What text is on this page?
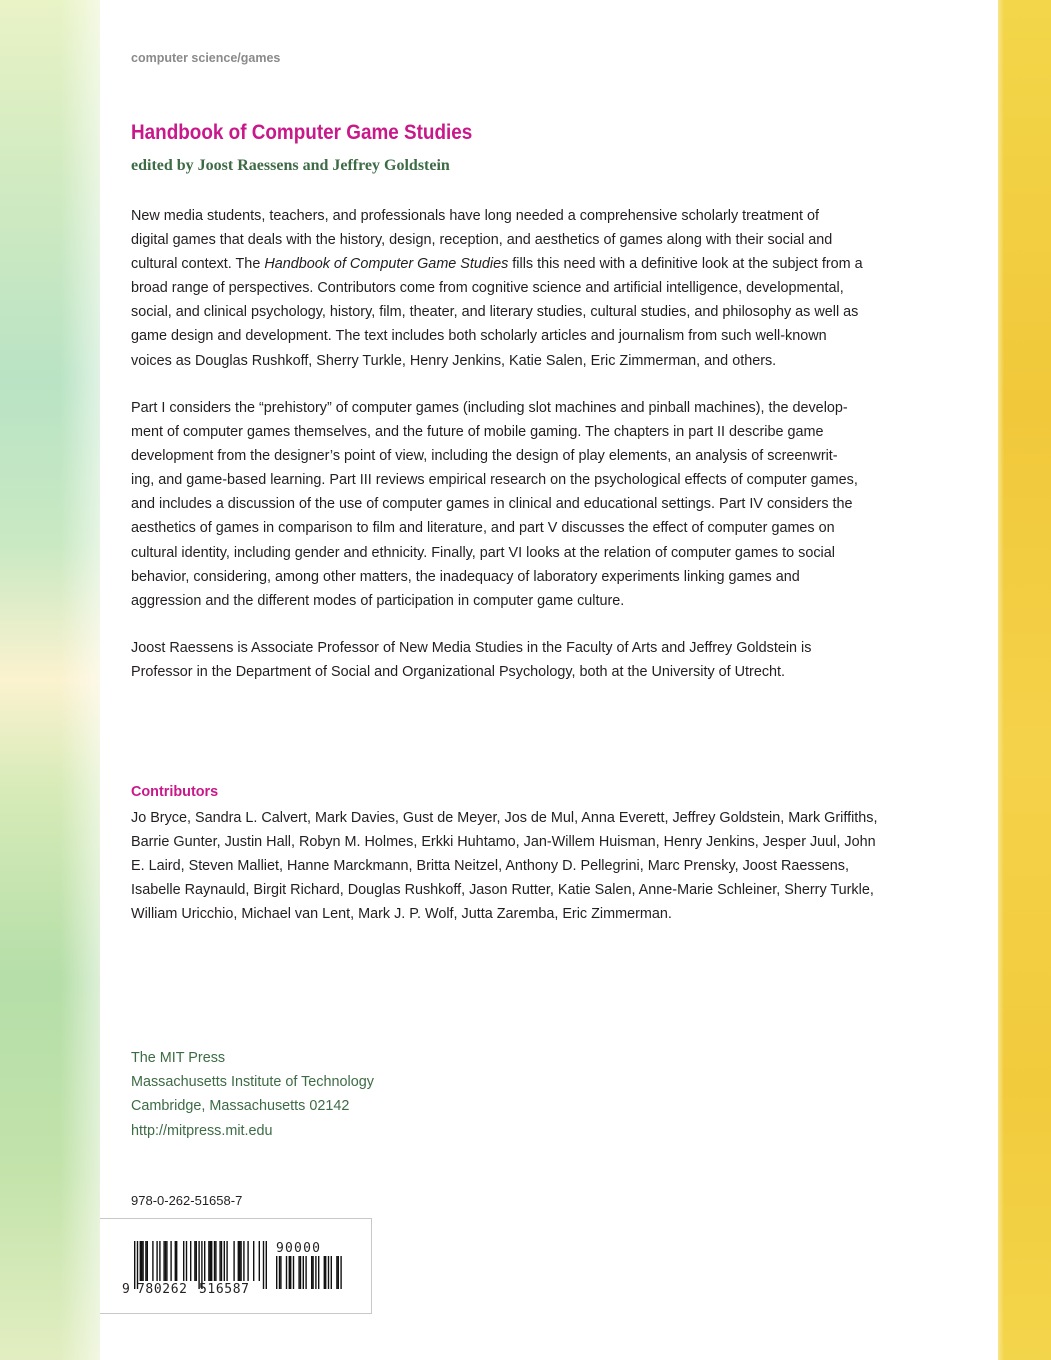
computer science/games
Handbook of Computer Game Studies
edited by Joost Raessens and Jeffrey Goldstein

New media students, teachers, and professionals have long needed a comprehensive scholarly treatment of
digital games that deals with the history, design, reception, and aesthetics of games along with their social and
cultural context. The Handbook of Computer Game Studies fills this need with a definitive look at the subject from a
broad range of perspectives. Contributors come from cognitive science and artificial intelligence, developmental,
social, and clinical psychology, history, film, theater, and literary studies, cultural studies, and philosophy as well as
game design and development. The text includes both scholarly articles and journalism from such well-known
voices as Douglas Rushkoff, Sherry Turkle, Henry Jenkins, Katie Salen, Eric Zimmerman, and others.

Part I considers the “prehistory” of computer games (including slot machines and pinball machines), the develop-
ment of computer games themselves, and the future of mobile gaming. The chapters in part II describe game
development from the designer’s point of view, including the design of play elements, an analysis of screenwrit-
ing, and game-based learning. Part III reviews empirical research on the psychological effects of computer games,
and includes a discussion of the use of computer games in clinical and educational settings. Part IV considers the
aesthetics of games in comparison to film and literature, and part V discusses the effect of computer games on
cultural identity, including gender and ethnicity. Finally, part VI looks at the relation of computer games to social
behavior, considering, among other matters, the inadequacy of laboratory experiments linking games and
aggression and the different modes of participation in computer game culture.

Joost Raessens is Associate Professor of New Media Studies in the Faculty of Arts and Jeffrey Goldstein is
Professor in the Department of Social and Organizational Psychology, both at the University of Utrecht.

Contributors

Jo Bryce, Sandra L. Calvert, Mark Davies, Gust de Meyer, Jos de Mul, Anna Everett, Jeffrey Goldstein, Mark Griffiths,
Barrie Gunter, Justin Hall, Robyn M. Holmes, Erkki Huhtamo, Jan-Willem Huisman, Henry Jenkins, Jesper Juul, John
E. Laird, Steven Malliet, Hanne Marckmann, Britta Neitzel, Anthony D. Pellegrini, Marc Prensky, Joost Raessens,
Isabelle Raynauld, Birgit Richard, Douglas Rushkoff, Jason Rutter, Katie Salen, Anne-Marie Schleiner, Sherry Turkle,
William Uricchio, Michael van Lent, Mark J. P. Wolf, Jutta Zaremba, Eric Zimmerman.

The MIT Press
Massachusetts Institute of Technology
Cambridge, Massachusetts 02142
http://mitpress.mit.edu
978-0-262-51658-7
9 780262 516587
90000
